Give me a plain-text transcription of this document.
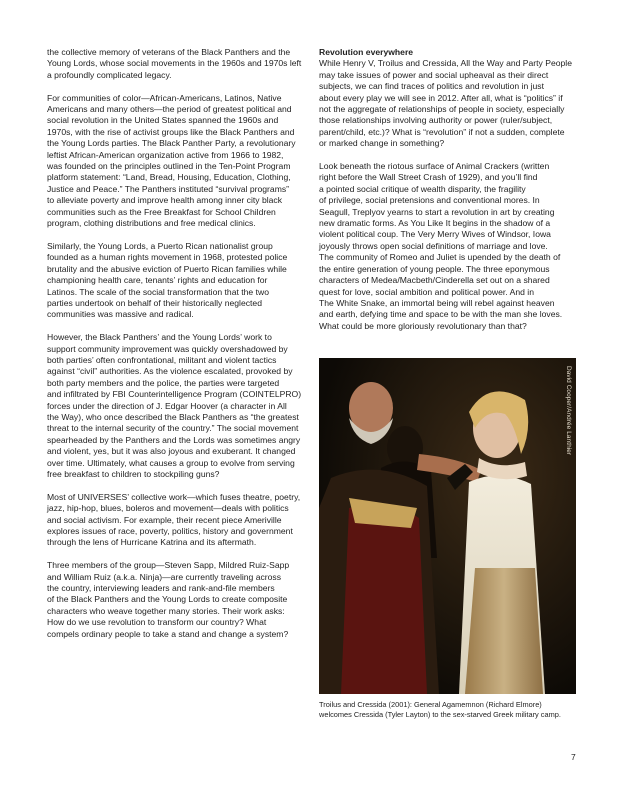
the collective memory of veterans of the Black Panthers and the
Young Lords, whose social movements in the 1960s and 1970s left
a profoundly complicated legacy.

For communities of color—African-Americans, Latinos, Native
Americans and many others—the period of greatest political and
social revolution in the United States spanned the 1960s and
1970s, with the rise of activist groups like the Black Panthers and
the Young Lords parties. The Black Panther Party, a revolutionary
leftist African-American organization active from 1966 to 1982,
was founded on the principles outlined in the Ten-Point Program
platform statement: “Land, Bread, Housing, Education, Clothing,
Justice and Peace.” The Panthers instituted “survival programs”
to alleviate poverty and improve health among inner city black
communities such as the Free Breakfast for School Children
program, clothing distributions and free medical clinics.

Similarly, the Young Lords, a Puerto Rican nationalist group
founded as a human rights movement in 1968, protested police
brutality and the abusive eviction of Puerto Rican families while
championing health care, tenants’ rights and education for
Latinos. The scale of the social transformation that the two
parties undertook on behalf of their historically neglected
communities was massive and radical.

However, the Black Panthers’ and the Young Lords’ work to
support community improvement was quickly overshadowed by
both parties’ often confrontational, militant and violent tactics
against “civil” authorities. As the violence escalated, provoked by
both party members and the police, the parties were targeted
and infiltrated by FBI Counterintelligence Program (COINTELPRO)
forces under the direction of J. Edgar Hoover (a character in All
the Way), who once described the Black Panthers as “the greatest
threat to the internal security of the country.” The social movement
spearheaded by the Panthers and the Lords was sometimes angry
and violent, yes, but it was also joyous and exuberant. It changed
over time. Ultimately, what causes a group to evolve from serving
free breakfast to children to stockpiling guns?

Most of UNIVERSES’ collective work—which fuses theatre, poetry,
jazz, hip-hop, blues, boleros and movement—deals with politics
and social activism. For example, their recent piece Ameriville
explores issues of race, poverty, politics, history and government
through the lens of Hurricane Katrina and its aftermath.

Three members of the group—Steven Sapp, Mildred Ruiz-Sapp
and William Ruiz (a.k.a. Ninja)—are currently traveling across
the country, interviewing leaders and rank-and-file members
of the Black Panthers and the Young Lords to create composite
characters who weave together many stories. Their work asks:
How do we use revolution to transform our country? What
compels ordinary people to take a stand and change a system?

Revolution everywhere
While Henry V, Troilus and Cressida, All the Way and Party People
may take issues of power and social upheaval as their direct
subjects, we can find traces of politics and revolution in just
about every play we will see in 2012. After all, what is “politics” if
not the aggregate of relationships of people in society, especially
those relationships involving authority or power (ruler/subject,
parent/child, etc.)? What is “revolution” if not a sudden, complete
or marked change in something?

Look beneath the riotous surface of Animal Crackers (written
right before the Wall Street Crash of 1929), and you’ll find
a pointed social critique of wealth disparity, the fragility
of privilege, social pretensions and conventional mores. In
Seagull, Treplyov yearns to start a revolution in art by creating
new dramatic forms. As You Like It begins in the shadow of a
violent political coup. The Very Merry Wives of Windsor, Iowa
joyously throws open social definitions of marriage and love.
The community of Romeo and Juliet is upended by the death of
the entire generation of young people. The three eponymous
characters of Medea/Macbeth/Cinderella set out on a shared
quest for love, social ambition and political power. And in
The White Snake, an immortal being will rebel against heaven
and earth, defying time and space to be with the man she loves.
What could be more gloriously revolutionary than that?

David Cooper/Andrée Lanthier
Troilus and Cressida (2001): General Agamemnon (Richard Elmore)
welcomes Cressida (Tyler Layton) to the sex-starved Greek military camp.
7
